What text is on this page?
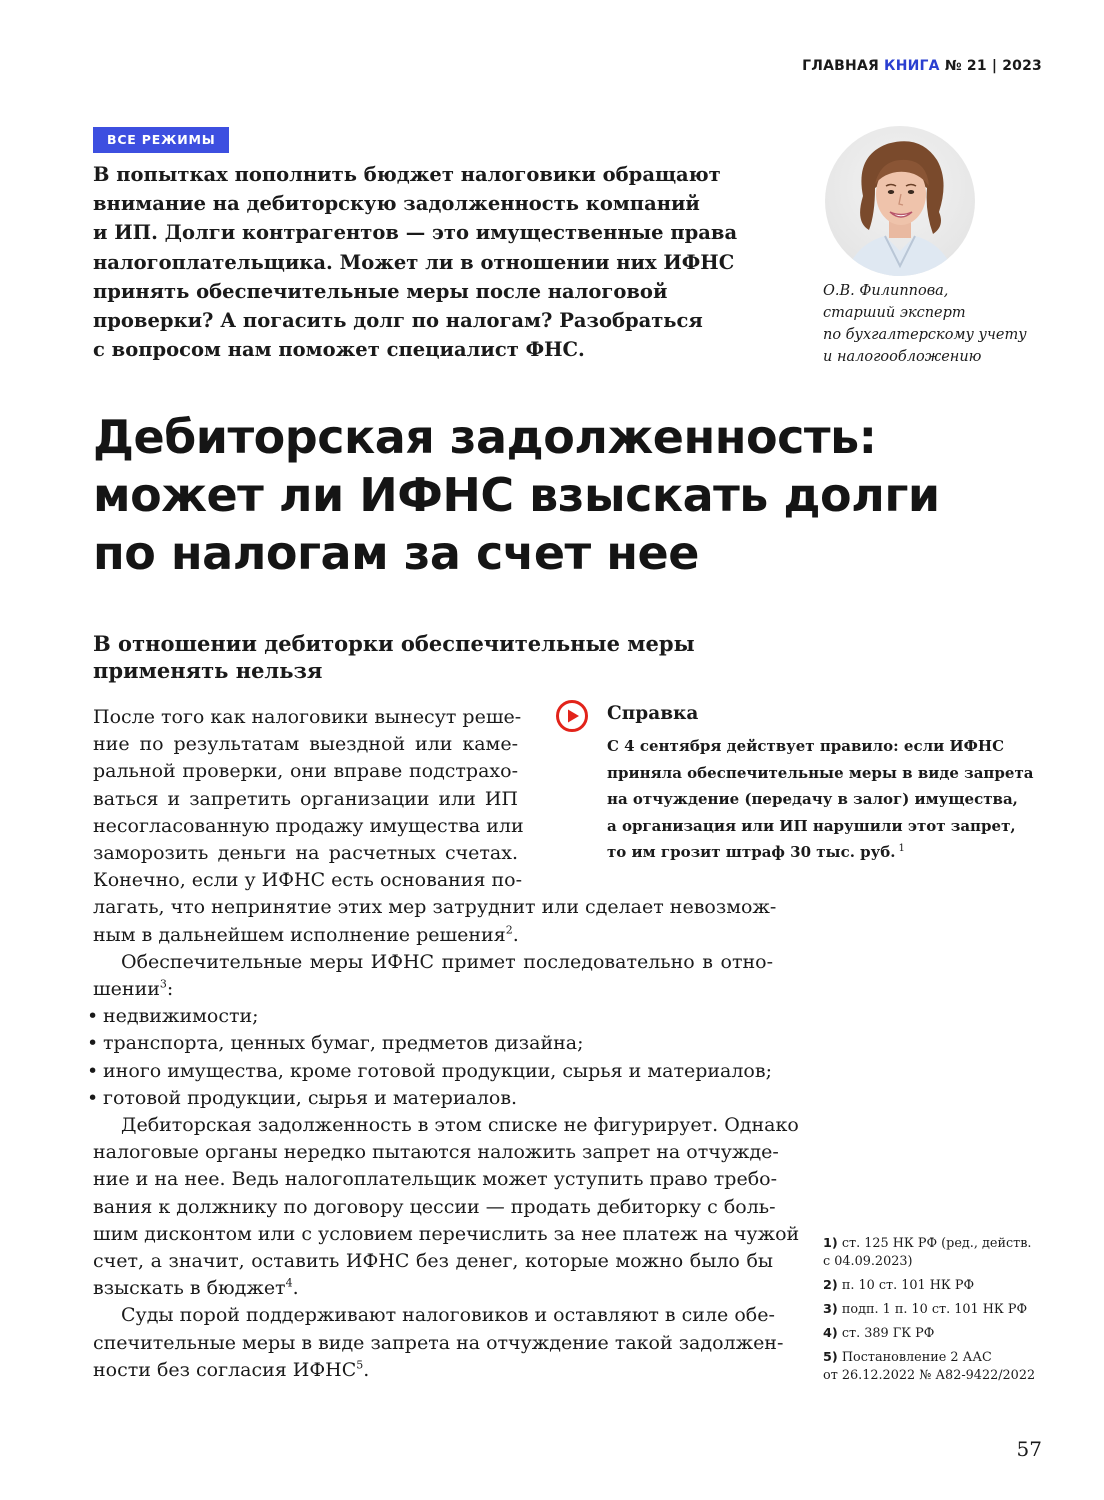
ГЛАВНАЯ КНИГА № 21 | 2023
ВСЕ РЕЖИМЫ
В попытках пополнить бюджет налоговики обращают
внимание на дебиторскую задолженность компаний
и ИП. Долги контрагентов — это имущественные права
налогоплательщика. Может ли в отношении них ИФНС
принять обеспечительные меры после налоговой
проверки? А погасить долг по налогам? Разобраться
с вопросом нам поможет специалист ФНС.
О.В. Филиппова,
старший эксперт
по бухгалтерскому учету
и налогообложению
Дебиторская задолженность:
может ли ИФНС взыскать долги
по налогам за счет нее
В отношении дебиторки обеспечительные меры
применять нельзя
После того как налоговики вынесут реше-
ние по результатам выездной или каме-
ральной проверки, они вправе подстрахо-
ваться и запретить организации или ИП
несогласованную продажу имущества или
заморозить деньги на расчетных счетах.
Конечно, если у ИФНС есть основания по-
лагать, что непринятие этих мер затруднит или сделает невозмож-
ным в дальнейшем исполнение решения$^2$.
Обеспечительные меры ИФНС примет последовательно в отно-
шении$^3$:
• недвижимости;
• транспорта, ценных бумаг, предметов дизайна;
• иного имущества, кроме готовой продукции, сырья и материалов;
• готовой продукции, сырья и материалов.
Дебиторская задолженность в этом списке не фигурирует. Однако
налоговые органы нередко пытаются наложить запрет на отчужде-
ние и на нее. Ведь налогоплательщик может уступить право требо-
вания к должнику по договору цессии — продать дебиторку с боль-
шим дисконтом или с условием перечислить за нее платеж на чужой
счет, а значит, оставить ИФНС без денег, которые можно было бы
взыскать в бюджет$^4$.
Суды порой поддерживают налоговиков и оставляют в силе обе-
спечительные меры в виде запрета на отчуждение такой задолжен-
ности без согласия ИФНС$^5$.
Справка
С 4 сентября действует правило: если ИФНС
приняла обеспечительные меры в виде запрета
на отчуждение (передачу в залог) имущества,
а организация или ИП нарушили этот запрет,
то им грозит штраф 30 тыс. руб. $^1$
1) ст. 125 НК РФ (ред., действ.
с 04.09.2023)
2) п. 10 ст. 101 НК РФ
3) подп. 1 п. 10 ст. 101 НК РФ
4) ст. 389 ГК РФ
5) Постановление 2 ААС
от 26.12.2022 № А82-9422/2022
57
